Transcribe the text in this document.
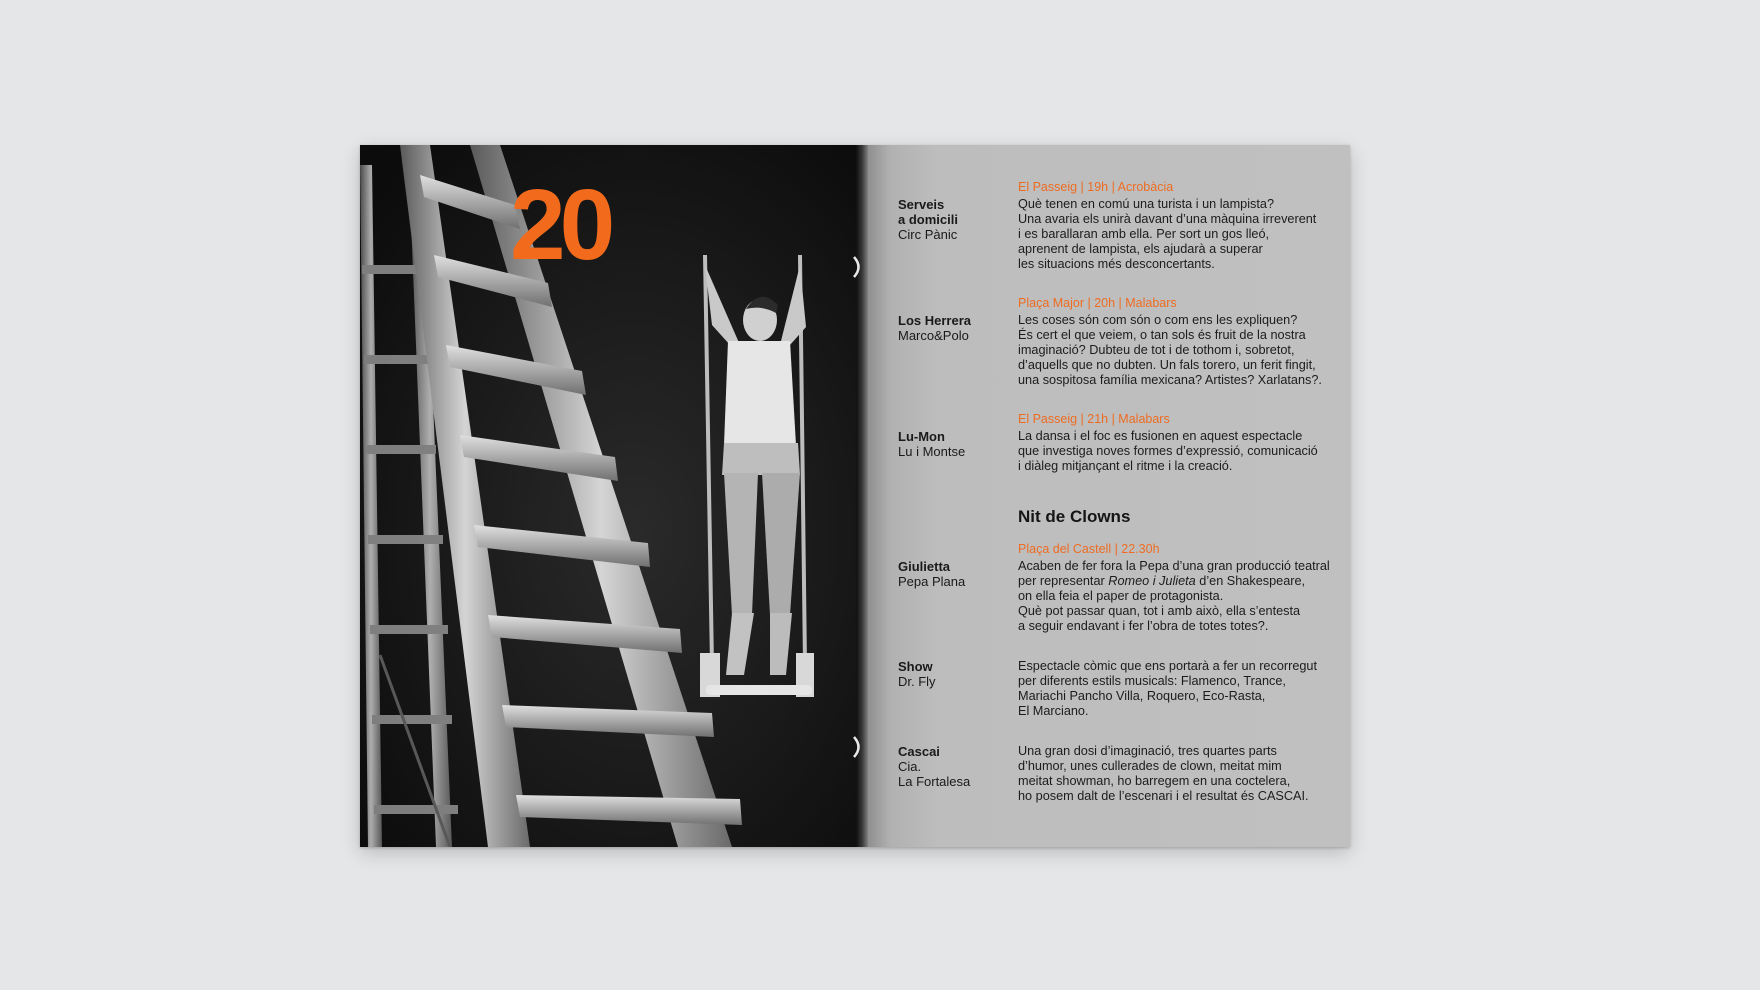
20	El Passeig | 19h | Acrobàcia
Serveis
a domicili
Circ Pànic
Què tenen en comú una turista i un lampista?
Una avaria els unirà davant d’una màquina irreverent
i es barallaran amb ella. Per sort un gos lleó,
aprenent de lampista, els ajudarà a superar
les situacions més desconcertants.
Plaça Major | 20h | Malabars
Los Herrera
Marco&Polo
Les coses són com són o com ens les expliquen?
És cert el que veiem, o tan sols és fruit de la nostra
imaginació? Dubteu de tot i de tothom i, sobretot,
d’aquells que no dubten. Un fals torero, un ferit fingit,
una sospitosa família mexicana? Artistes? Xarlatans?.
El Passeig | 21h | Malabars
Lu-Mon
Lu i Montse
La dansa i el foc es fusionen en aquest espectacle
que investiga noves formes d’expressió, comunicació
i diàleg mitjançant el ritme i la creació.
Nit de Clowns
Plaça del Castell | 22.30h
Giulietta
Pepa Plana
Acaben de fer fora la Pepa d’una gran producció teatral
per representar Romeo i Julieta d’en Shakespeare,
on ella feia el paper de protagonista.
Què pot passar quan, tot i amb això, ella s’entesta
a seguir endavant i fer l’obra de totes totes?.
Show
Dr. Fly
Espectacle còmic que ens portarà a fer un recorregut
per diferents estils musicals: Flamenco, Trance,
Mariachi Pancho Villa, Roquero, Eco-Rasta,
El Marciano.
Cascai
Cia.
La Fortalesa
Una gran dosi d’imaginació, tres quartes parts
d’humor, unes cullerades de clown, meitat mim
meitat showman, ho barregem en una coctelera,
ho posem dalt de l’escenari i el resultat és CASCAI.
